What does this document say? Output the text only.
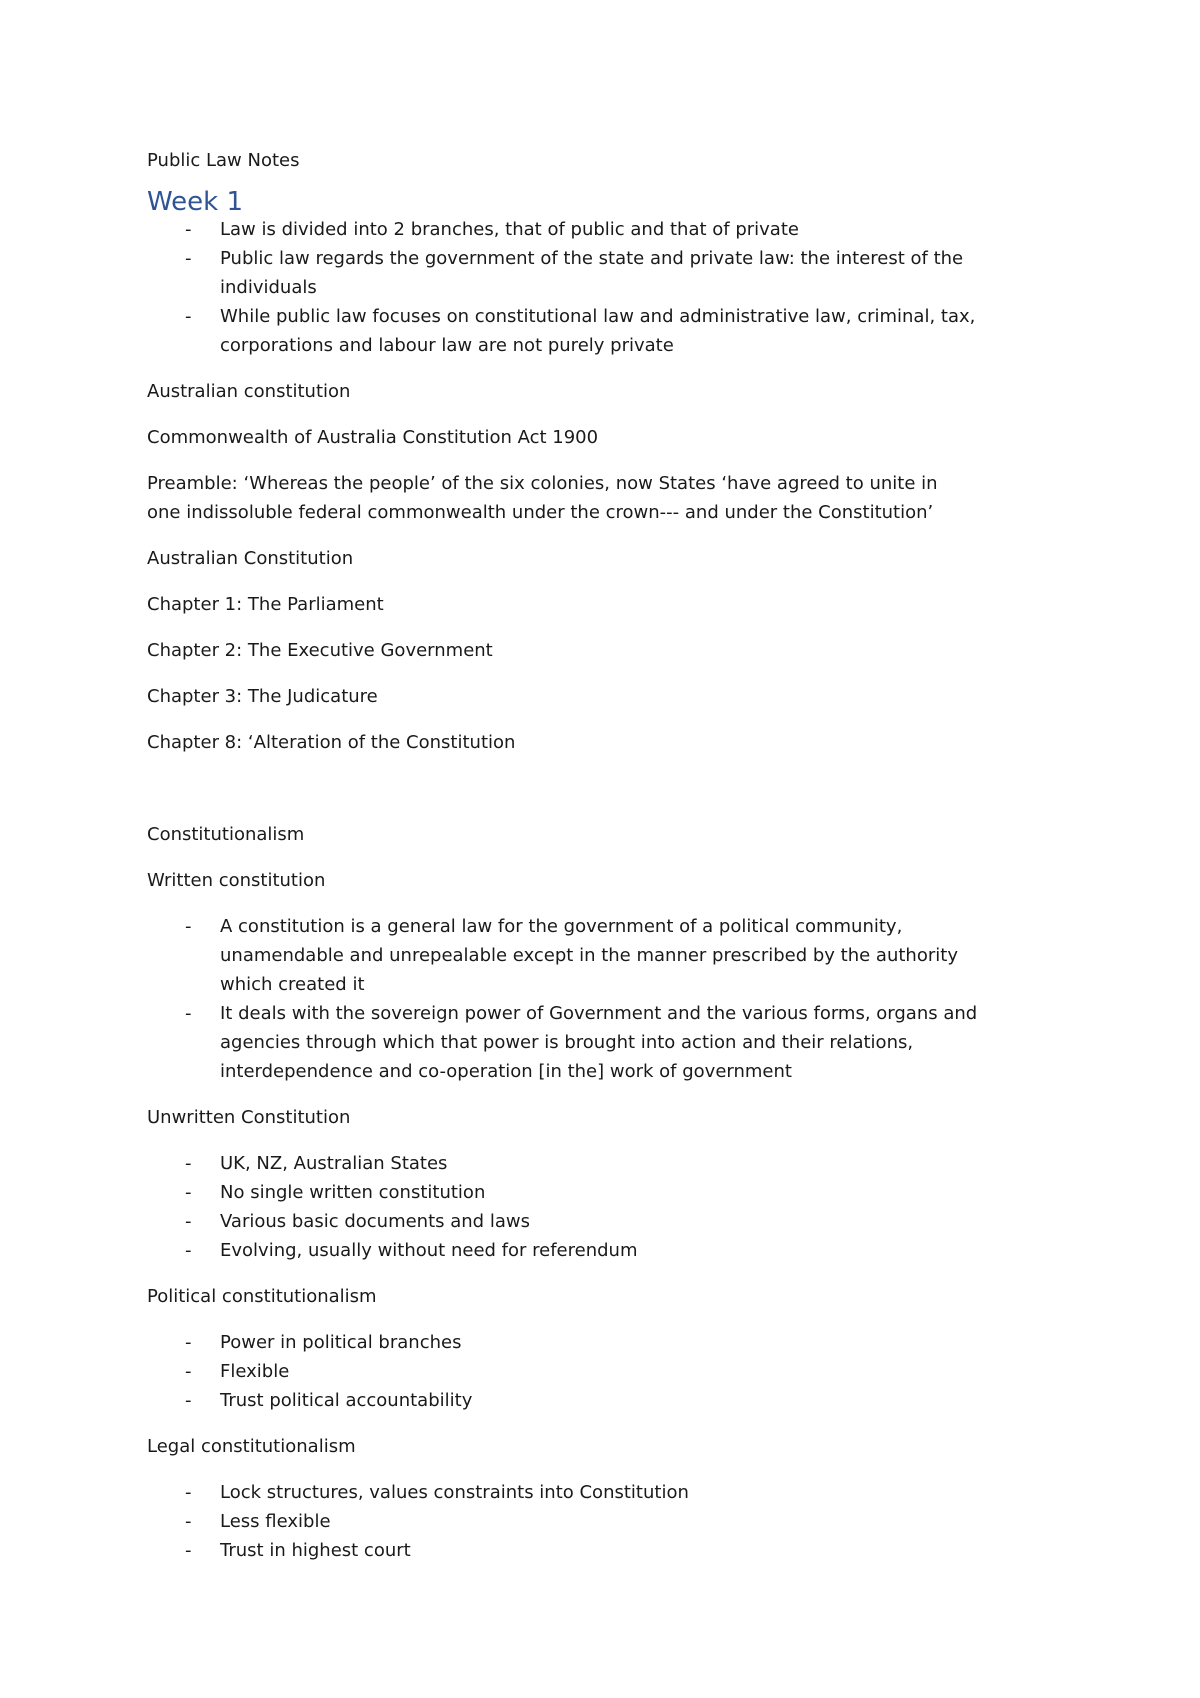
Public Law Notes

Week 1
- Law is divided into 2 branches, that of public and that of private
- Public law regards the government of the state and private law: the interest of the individuals
- While public law focuses on constitutional law and administrative law, criminal, tax, corporations and labour law are not purely private

Australian constitution

Commonwealth of Australia Constitution Act 1900

Preamble: ‘Whereas the people’ of the six colonies, now States ‘have agreed to unite in one indissoluble federal commonwealth under the crown--- and under the Constitution’

Australian Constitution

Chapter 1: The Parliament

Chapter 2: The Executive Government

Chapter 3: The Judicature

Chapter 8: ‘Alteration of the Constitution

Constitutionalism

Written constitution

- A constitution is a general law for the government of a political community, unamendable and unrepealable except in the manner prescribed by the authority which created it
- It deals with the sovereign power of Government and the various forms, organs and agencies through which that power is brought into action and their relations, interdependence and co-operation [in the] work of government

Unwritten Constitution

- UK, NZ, Australian States
- No single written constitution
- Various basic documents and laws
- Evolving, usually without need for referendum

Political constitutionalism

- Power in political branches
- Flexible
- Trust political accountability

Legal constitutionalism

- Lock structures, values constraints into Constitution
- Less flexible
- Trust in highest court
